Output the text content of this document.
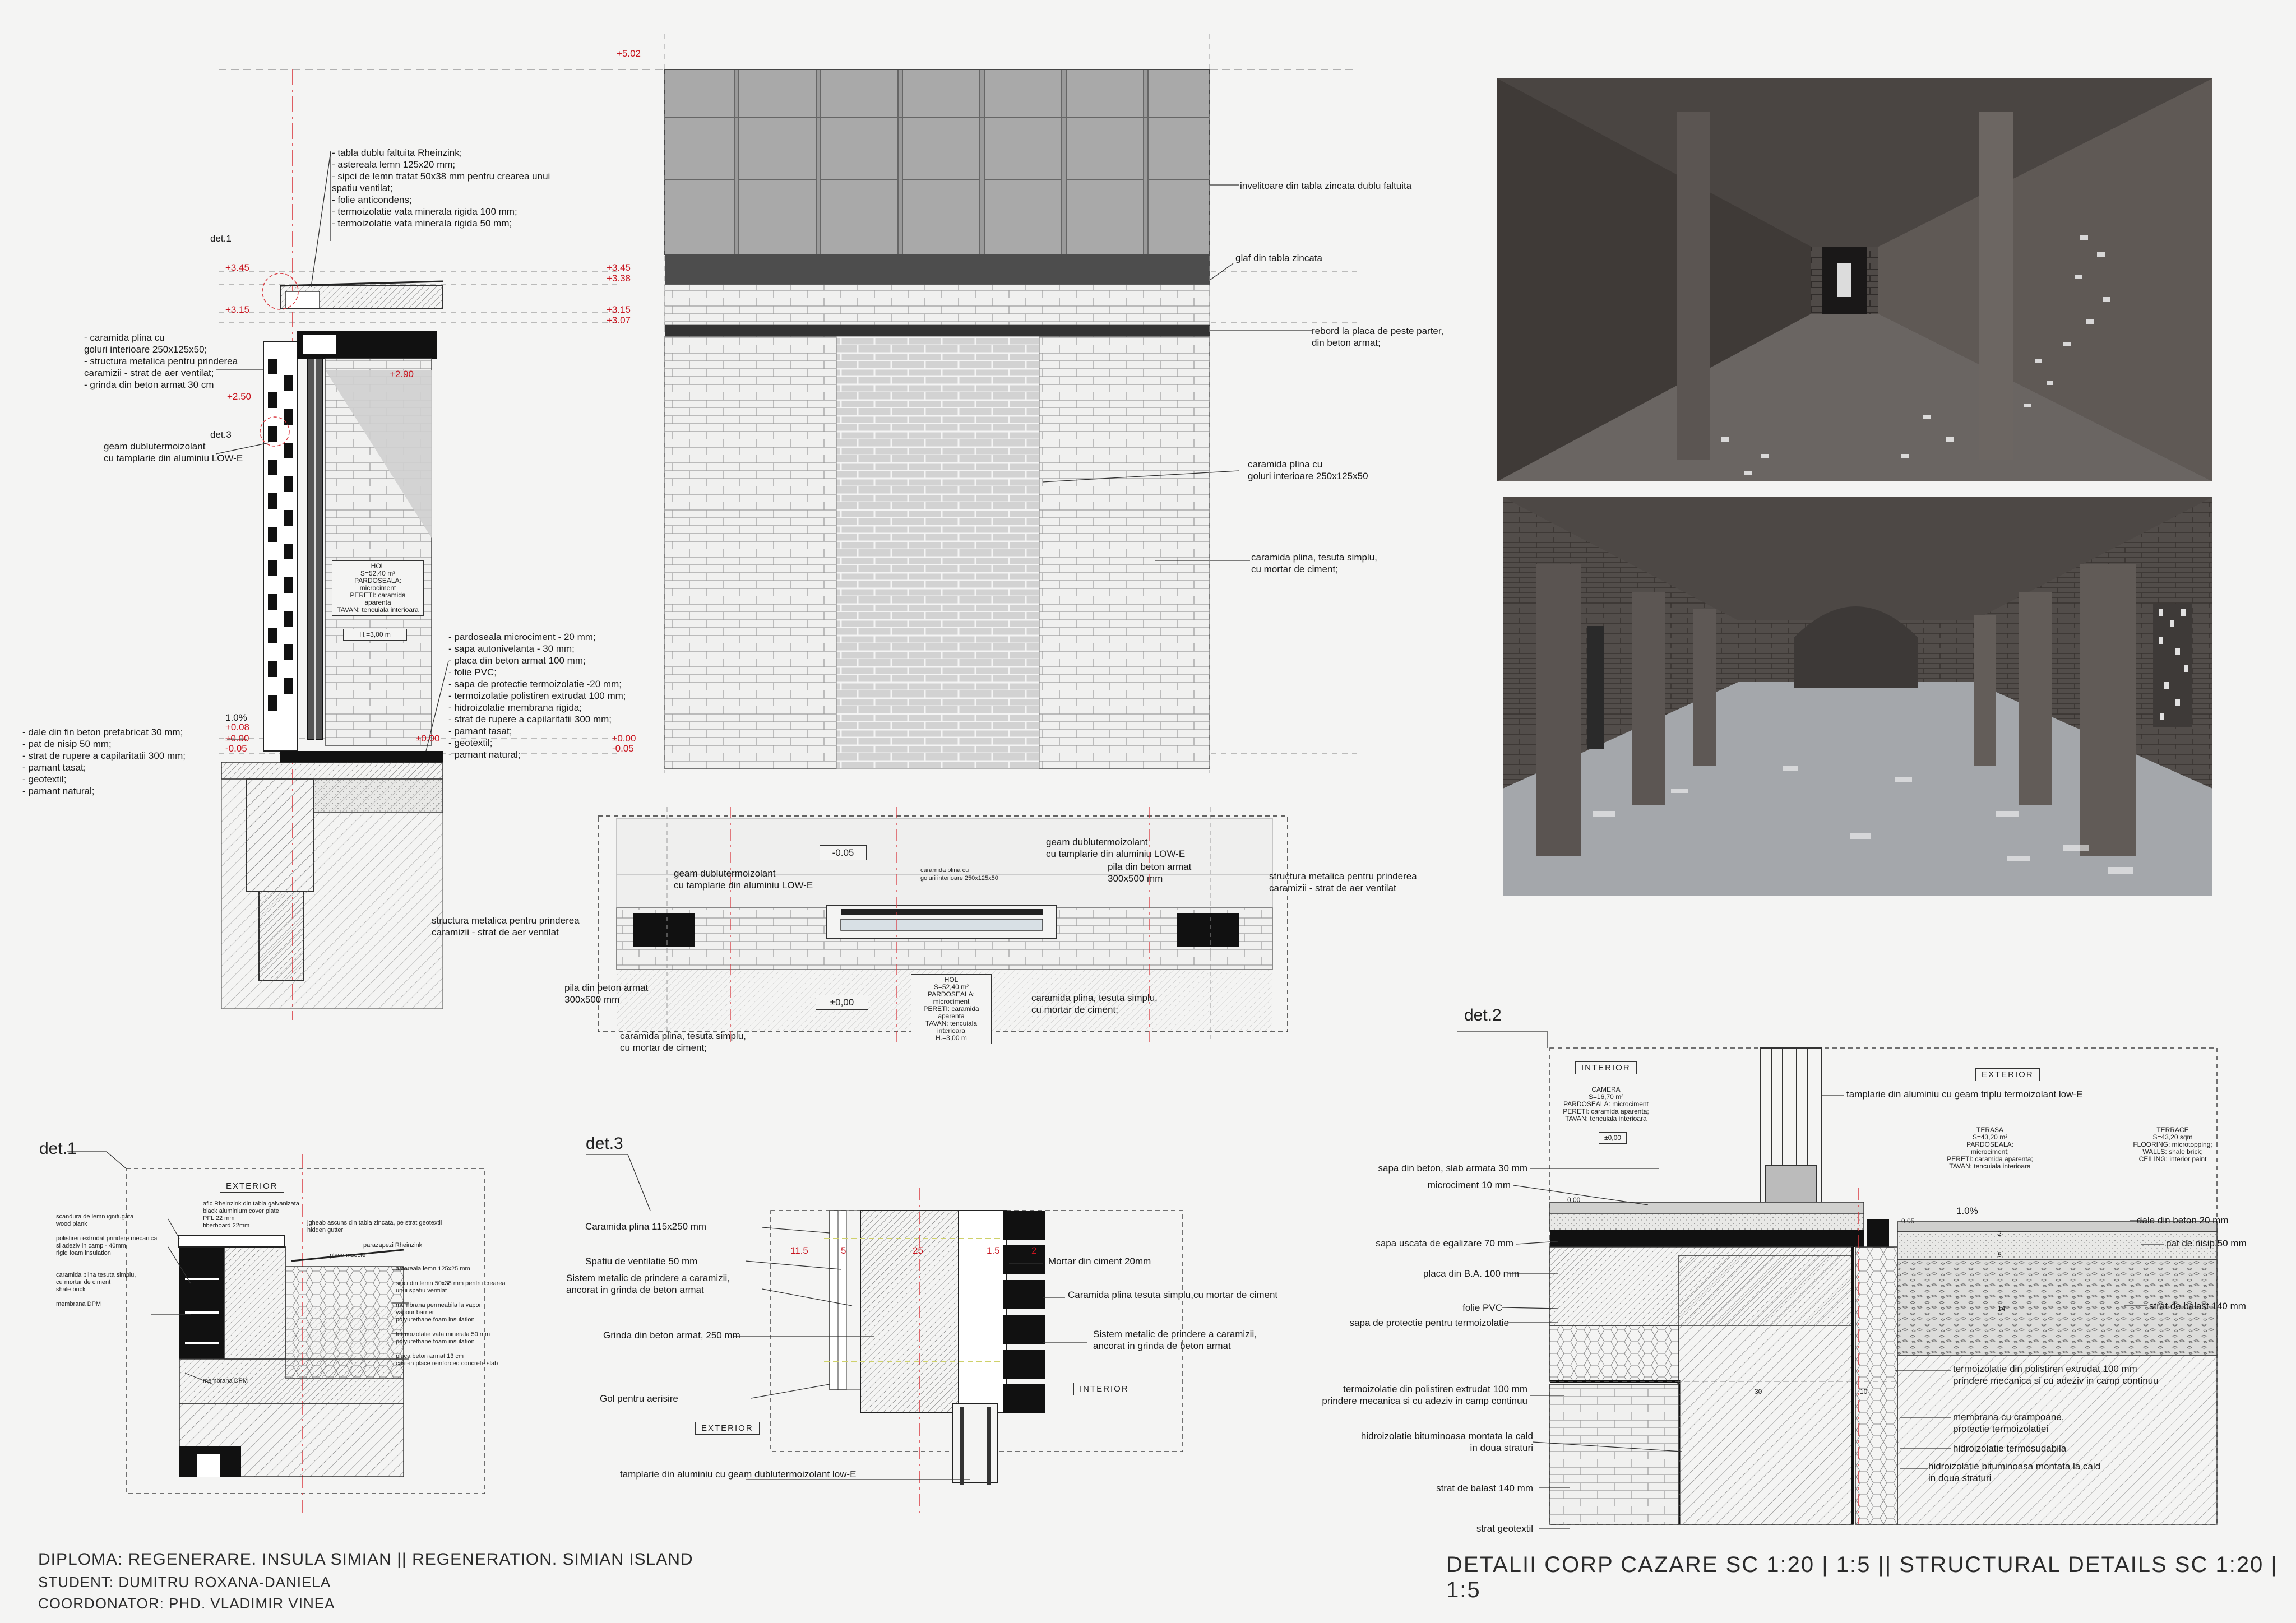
- tabla dublu faltuita Rheinzink;
- astereala lemn 125x20 mm;
- sipci de lemn tratat 50x38 mm pentru crearea unui
spatiu ventilat;
- folie anticondens;
- termoizolatie vata minerala rigida 100 mm;
- termoizolatie vata minerala rigida 50 mm;
- caramida plina cu
goluri interioare 250x125x50;
- structura metalica pentru prinderea
caramizii - strat de aer ventilat;
- grinda din beton armat 30 cm
geam dublutermoizolant
cu tamplarie din aluminiu LOW-E
- pardoseala microciment - 20 mm;
- sapa autonivelanta - 30 mm;
- placa din beton armat 100 mm;
- folie PVC;
- sapa de protectie termoizolatie -20 mm;
- termoizolatie polistiren extrudat 100 mm;
- hidroizolatie membrana rigida;
- strat de rupere a capilaritatii 300 mm;
- pamant tasat;
- geotextil;
- pamant natural;
- dale din fin beton prefabricat 30 mm;
- pat de nisip 50 mm;
- strat de rupere a capilaritatii 300 mm;
- pamant tasat;
- geotextil;
- pamant natural;
det.1
det.3
+5.02
+3.45	+3.45
+3.38
+3.15	+3.15
+3.07
+2.90
+2.50
1.0%
+0.08
±0.00	±0.00	±0.00
-0.05	-0.05
HOL
S=52,40 m²
PARDOSEALA: microciment
PERETI: caramida aparenta
TAVAN: tencuiala interioara
H.=3,00 m
invelitoare din tabla zincata dublu faltuita
glaf din tabla zincata
rebord la placa de peste parter,
din beton armat;
caramida plina cu
goluri interioare 250x125x50
caramida plina, tesuta simplu,
cu mortar de ciment;
-0.05
geam dublutermoizolant
cu tamplarie din aluminiu LOW-E
caramida plina cu
goluri interioare 250x125x50
geam dublutermoizolant
cu tamplarie din aluminiu LOW-E
pila din beton armat
300x500 mm	structura metalica pentru prinderea
caramizii - strat de aer ventilat
structura metalica pentru prinderea
caramizii - strat de aer ventilat
pila din beton armat
300x500 mm
caramida plina, tesuta simplu,
cu mortar de ciment;
caramida plina, tesuta simplu,
cu mortar de ciment;
HOL
S=52,40 m²
PARDOSEALA: microciment
PERETI: caramida aparenta
TAVAN: tencuiala interioara
H.=3,00 m
±0,00
det.1
EXTERIOR
scandura de lemn ignifugata
wood plank

polistiren extrudat prindere mecanica
si adeziv in camp - 40mm
rigid foam insulation

caramida plina tesuta simplu,
cu mortar de ciment
shale brick

membrana DPM
afic Rheinzink din tabla galvanizata
black aluminium cover plate
PFL 22 mm
fiberboard 22mm	jgheab ascuns din tabla zincata, pe strat geotextil
hidden gutter
parazapezi Rheinzink
plasa insecte
membrana DPM
astereala lemn 125x25 mm

sipci din lemn 50x38 mm pentru crearea
unui spatiu ventilat

membrana permeabila la vapori
vapour barrier
polyurethane foam insulation

termoizolatie vata minerala 50 mm
polyurethane foam insulation

placa beton armat 13 cm
cast-in place reinforced concrete slab
det.3
Caramida plina 115x250 mm
Spatiu de ventilatie 50 mm
Sistem metalic de prindere a caramizii,
ancorat in grinda de beton armat
Grinda din beton armat, 250 mm
Gol pentru aerisire
tamplarie din aluminiu cu geam dublutermoizolant low-E
Mortar din ciment 20mm
Caramida plina tesuta simplu,cu mortar de ciment
Sistem metalic de prindere a caramizii,
ancorat in grinda de beton armat
INTERIOR
EXTERIOR
11.5	5	25	1.5	2
det.2
INTERIOR
EXTERIOR
CAMERA
S=16,70 m²
PARDOSEALA: microciment
PERETI: caramida aparenta;
TAVAN: tencuiala interioara
±0,00
tamplarie din aluminiu cu geam triplu termoizolant low-E
TERASA
S=43,20 m²
PARDOSEALA:
microciment;
PERETI: caramida aparenta;
TAVAN: tencuiala interioara
TERRACE
S=43,20 sqm
FLOORING: microtopping;
WALLS: shale brick;
CEILING: interior paint
0.00
-0.05
1.0%
sapa din beton, slab armata 30 mm
microciment 10 mm
sapa uscata de egalizare 70 mm
placa din B.A. 100 mm
folie PVC
sapa de protectie pentru termoizolatie
termoizolatie din polistiren extrudat 100 mm
prindere mecanica si cu adeziv in camp continuu
hidroizolatie bituminoasa montata la cald
in doua straturi
strat de balast 140 mm
strat geotextil
dale din beton 20 mm
pat de nisip 50 mm
strat de balast 140 mm
termoizolatie din polistiren extrudat 100 mm
prindere mecanica si cu adeziv in camp continuu
membrana cu crampoane,
protectie termoizolatiei
hidroizolatie termosudabila
hidroizolatie bituminoasa montata la cald
in doua straturi
2
5
14
30	10
DIPLOMA: REGENERARE. INSULA SIMIAN || REGENERATION. SIMIAN ISLAND
STUDENT: DUMITRU ROXANA-DANIELA
COORDONATOR: PHD. VLADIMIR VINEA
DETALII CORP CAZARE SC 1:20 | 1:5 || STRUCTURAL DETAILS SC 1:20 | 1:5
